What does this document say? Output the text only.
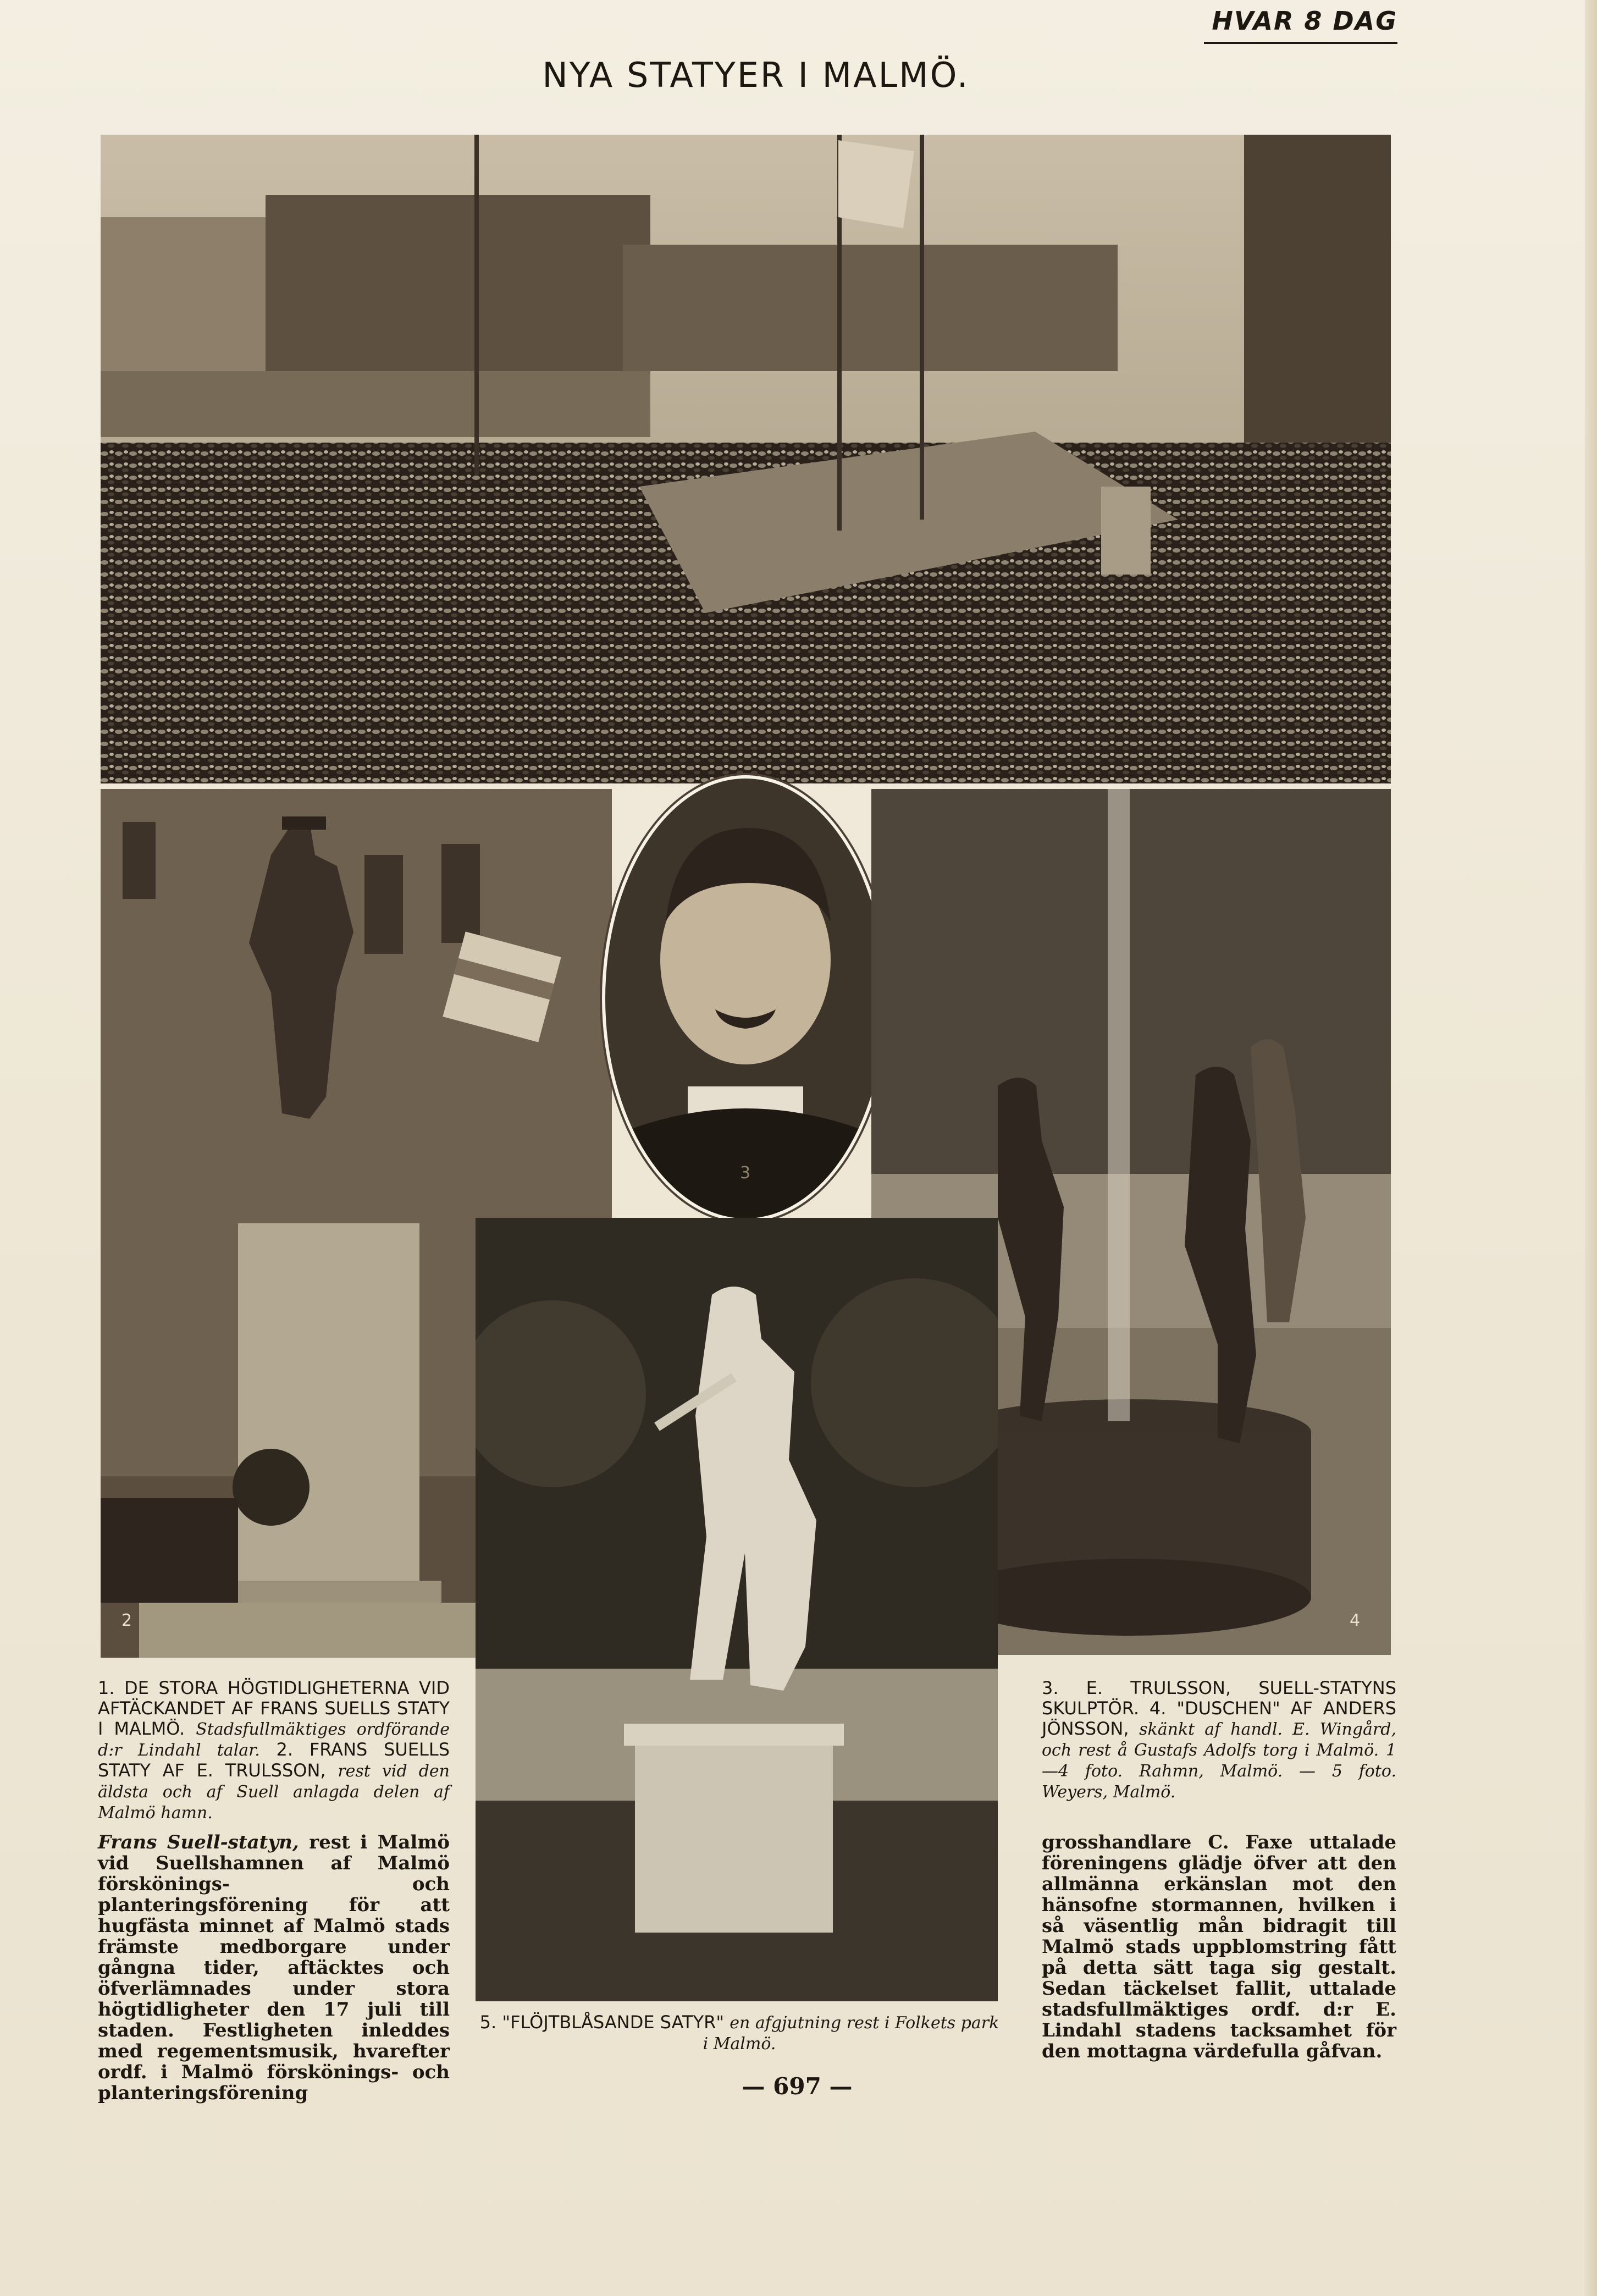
HVAR 8 DAG
NYA STATYER I MALMÖ.
2
3
4

1. DE STORA HÖGTIDLIGHETERNA VID AFTÄCKANDET AF FRANS SUELLS STATY I MALMÖ. Stadsfullmäktiges ordförande d:r Lindahl talar. 2. FRANS SUELLS STATY AF E. TRULSSON, rest vid den äldsta och af Suell anlagda delen af Malmö hamn.

Frans Suell-statyn, rest i Malmö vid Suellshamnen af Malmö förskönings- och planteringsförening för att hugfästa minnet af Malmö stads främste medborgare under gångna tider, aftäcktes och öfverlämnades under stora högtidligheter den 17 juli till staden. Festligheten inleddes med regementsmusik, hvarefter ordf. i Malmö förskönings- och planteringsförening

3. E. TRULSSON, SUELL-STATYNS SKULPTÖR. 4. "DUSCHEN" AF ANDERS JÖNSSON, skänkt af handl. E. Wingård, och rest å Gustafs Adolfs torg i Malmö. 1—4 foto. Rahmn, Malmö. — 5 foto. Weyers, Malmö.

grosshandlare C. Faxe uttalade föreningens glädje öfver att den allmänna erkänslan mot den hänsofne stormannen, hvilken i så väsentlig mån bidragit till Malmö stads uppblomstring fått på detta sätt taga sig gestalt. Sedan täckelset fallit, uttalade stadsfullmäktiges ordf. d:r E. Lindahl stadens tacksamhet för den mottagna värdefulla gåfvan.

5. "FLÖJTBLÅSANDE SATYR" en afgjutning rest i Folkets park i Malmö.

— 697 —
